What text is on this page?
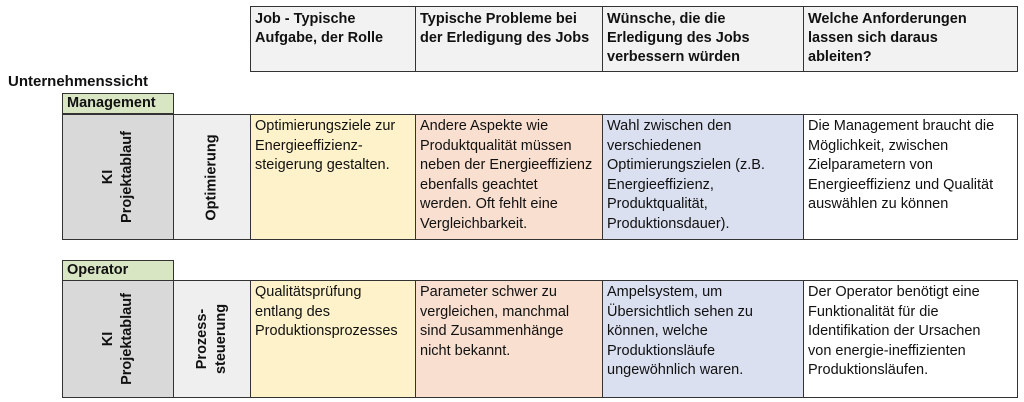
Job - Typische
Aufgabe, der Rolle
Typische Probleme bei
der Erledigung des Jobs
Wünsche, die die
Erledigung des Jobs
verbessern würden
Welche Anforderungen
lassen sich daraus
ableiten?
Unternehmenssicht
Management
KI Projektablauf	Optimierung
Optimierungsziele zur
Energieeffizienz-
steigerung gestalten.
Andere Aspekte wie
Produktqualität müssen
neben der Energieeffizienz
ebenfalls geachtet
werden. Oft fehlt eine
Vergleichbarkeit.
Wahl zwischen den
verschiedenen
Optimierungszielen (z.B.
Energieeffizienz,
Produktqualität,
Produktionsdauer).
Die Management braucht die
Möglichkeit, zwischen
Zielparametern von
Energieeffizienz und Qualität
auswählen zu können
Operator
KI
Projektablauf	Prozess-
steuerung
Qualitätsprüfung
entlang des
Produktionsprozesses
Parameter schwer zu
vergleichen, manchmal
sind Zusammenhänge
nicht bekannt.
Ampelsystem, um
Übersichtlich sehen zu
können, welche
Produktionsläufe
ungewöhnlich waren.
Der Operator benötigt eine
Funktionalität für die
Identifikation der Ursachen
von energie-ineffizienten
Produktionsläufen.
